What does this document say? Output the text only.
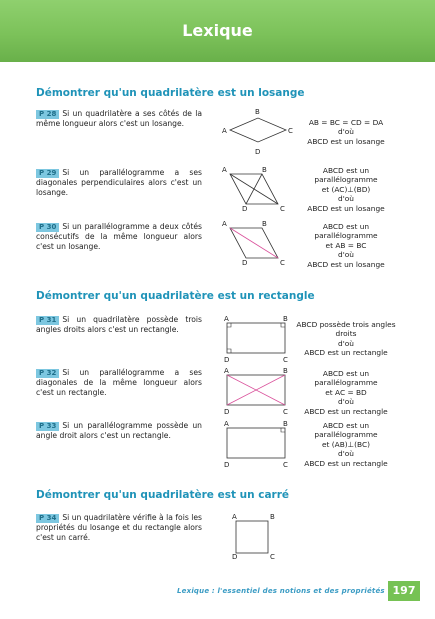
Lexique
Démontrer qu'un quadrilatère est un losange
P 28 Si un quadrilatère a ses côtés de la même longueur alors c'est un losange.
A
B
C
D
AB = BC = CD = DA
d'où
ABCD est un losange
P 29 Si un parallélogramme a ses diagonales perpendiculaires alors c'est un losange.
A	B
C
D
ABCD est un
parallélogramme
et (AC)⊥(BD)
d'où
ABCD est un losange
P 30 Si un parallélogramme a deux côtés consécutifs de la même longueur alors c'est un losange.
A	B
C
D
ABCD est un
parallélogramme
et AB = BC
d'où
ABCD est un losange
Démontrer qu'un quadrilatère est un rectangle
P 31 Si un quadrilatère possède trois angles droits alors c'est un rectangle.
A	B
C
D
ABCD possède trois angles
droits
d'où
ABCD est un rectangle
P 32 Si un parallélogramme a ses diagonales de la même longueur alors c'est un rectangle.
A	B
C
D
ABCD est un
parallélogramme
et AC = BD
d'où
ABCD est un rectangle
P 33 Si un parallélogramme possède un angle droit alors c'est un rectangle.
A	B
C
D
ABCD est un
parallélogramme
et (AB)⊥(BC)
d'où
ABCD est un rectangle
Démontrer qu'un quadrilatère est un carré
P 34 Si un quadrilatère vérifie à la fois les propriétés du losange et du rectangle alors c'est un carré.
A	B
C
D
Lexique : l'essentiel des notions et des propriétés 197
